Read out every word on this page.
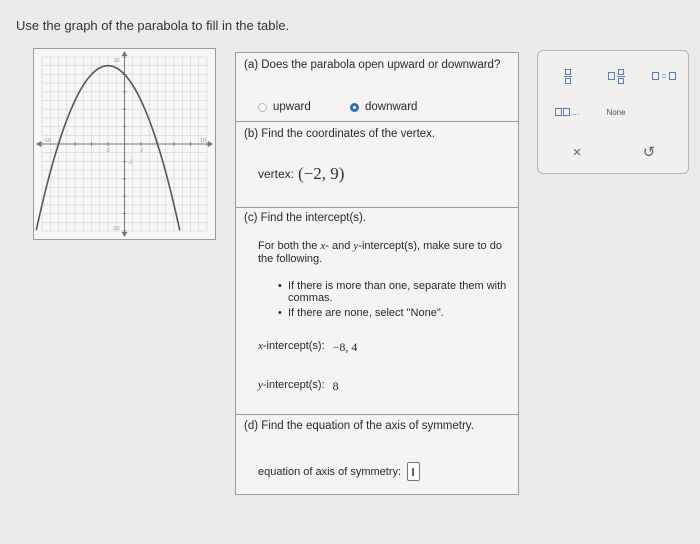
Use the graph of the parabola to fill in the table.
-10
-2	2
10
10
-2
-10
(a) Does the parabola open upward or downward?
upward	downward
(b) Find the coordinates of the vertex.
vertex: (−2, 9)
(c) Find the intercept(s).
For both the x- and y-intercept(s), make sure to do the following.
• If there is more than one, separate them with commas.
• If there are none, select "None".
x-intercept(s): −8, 4
y-intercept(s): 8
(d) Find the equation of the axis of symmetry.
equation of axis of symmetry:
=
...	None
×	↺
